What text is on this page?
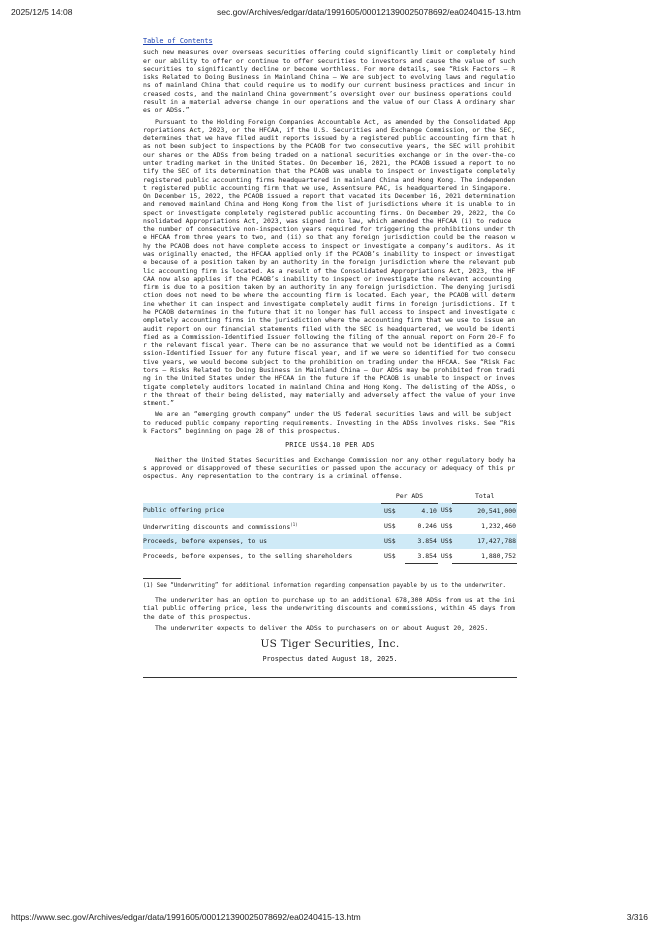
2025/12/5 14:08	sec.gov/Archives/edgar/data/1991605/000121390025078692/ea0240415-13.htm
Table of Contents

such new measures over overseas securities offering could significantly limit or completely hinder our ability to offer or continue to offer securities to investors and cause the value of such securities to significantly decline or become worthless. For more details, see “Risk Factors — Risks Related to Doing Business in Mainland China — We are subject to evolving laws and regulations of mainland China that could require us to modify our current business practices and incur increased costs, and the mainland China government’s oversight over our business operations could result in a material adverse change in our operations and the value of our Class A ordinary shares or ADSs.”

Pursuant to the Holding Foreign Companies Accountable Act, as amended by the Consolidated Appropriations Act, 2023, or the HFCAA, if the U.S. Securities and Exchange Commission, or the SEC, determines that we have filed audit reports issued by a registered public accounting firm that has not been subject to inspections by the PCAOB for two consecutive years, the SEC will prohibit our shares or the ADSs from being traded on a national securities exchange or in the over-the-counter trading market in the United States. On December 16, 2021, the PCAOB issued a report to notify the SEC of its determination that the PCAOB was unable to inspect or investigate completely registered public accounting firms headquartered in mainland China and Hong Kong. The independent registered public accounting firm that we use, Assentsure PAC, is headquartered in Singapore. On December 15, 2022, the PCAOB issued a report that vacated its December 16, 2021 determination and removed mainland China and Hong Kong from the list of jurisdictions where it is unable to inspect or investigate completely registered public accounting firms. On December 29, 2022, the Consolidated Appropriations Act, 2023, was signed into law, which amended the HFCAA (i) to reduce the number of consecutive non-inspection years required for triggering the prohibitions under the HFCAA from three years to two, and (ii) so that any foreign jurisdiction could be the reason why the PCAOB does not have complete access to inspect or investigate a company’s auditors. As it was originally enacted, the HFCAA applied only if the PCAOB’s inability to inspect or investigate because of a position taken by an authority in the foreign jurisdiction where the relevant public accounting firm is located. As a result of the Consolidated Appropriations Act, 2023, the HFCAA now also applies if the PCAOB’s inability to inspect or investigate the relevant accounting firm is due to a position taken by an authority in any foreign jurisdiction. The denying jurisdiction does not need to be where the accounting firm is located. Each year, the PCAOB will determine whether it can inspect and investigate completely audit firms in foreign jurisdictions. If the PCAOB determines in the future that it no longer has full access to inspect and investigate completely accounting firms in the jurisdiction where the accounting firm that we use to issue an audit report on our financial statements filed with the SEC is headquartered, we would be identified as a Commission-Identified Issuer following the filing of the annual report on Form 20-F for the relevant fiscal year. There can be no assurance that we would not be identified as a Commission-Identified Issuer for any future fiscal year, and if we were so identified for two consecutive years, we would become subject to the prohibition on trading under the HFCAA. See “Risk Factors — Risks Related to Doing Business in Mainland China — Our ADSs may be prohibited from trading in the United States under the HFCAA in the future if the PCAOB is unable to inspect or investigate completely auditors located in mainland China and Hong Kong. The delisting of the ADSs, or the threat of their being delisted, may materially and adversely affect the value of your investment.”

We are an “emerging growth company” under the US federal securities laws and will be subject to reduced public company reporting requirements. Investing in the ADSs involves risks. See “Risk Factors” beginning on page 28 of this prospectus.

PRICE US$4.10 PER ADS

Neither the United States Securities and Exchange Commission nor any other regulatory body has approved or disapproved of these securities or passed upon the accuracy or adequacy of this prospectus. Any representation to the contrary is a criminal offense.

	Per ADS			Total
Public offering price	US$	4.10	US$	20,541,000
Underwriting discounts and commissions$^{(1)}$	US$	0.246	US$	1,232,460
Proceeds, before expenses, to us	US$	3.854	US$	17,427,788
Proceeds, before expenses, to the selling shareholders	US$	3.854	US$	1,880,752

(1) See “Underwriting” for additional information regarding compensation payable by us to the underwriter.

The underwriter has an option to purchase up to an additional 678,300 ADSs from us at the initial public offering price, less the underwriting discounts and commissions, within 45 days from the date of this prospectus.

The underwriter expects to deliver the ADSs to purchasers on or about August 20, 2025.

US Tiger Securities, Inc.
Prospectus dated August 18, 2025.
https://www.sec.gov/Archives/edgar/data/1991605/000121390025078692/ea0240415-13.htm	3/316
